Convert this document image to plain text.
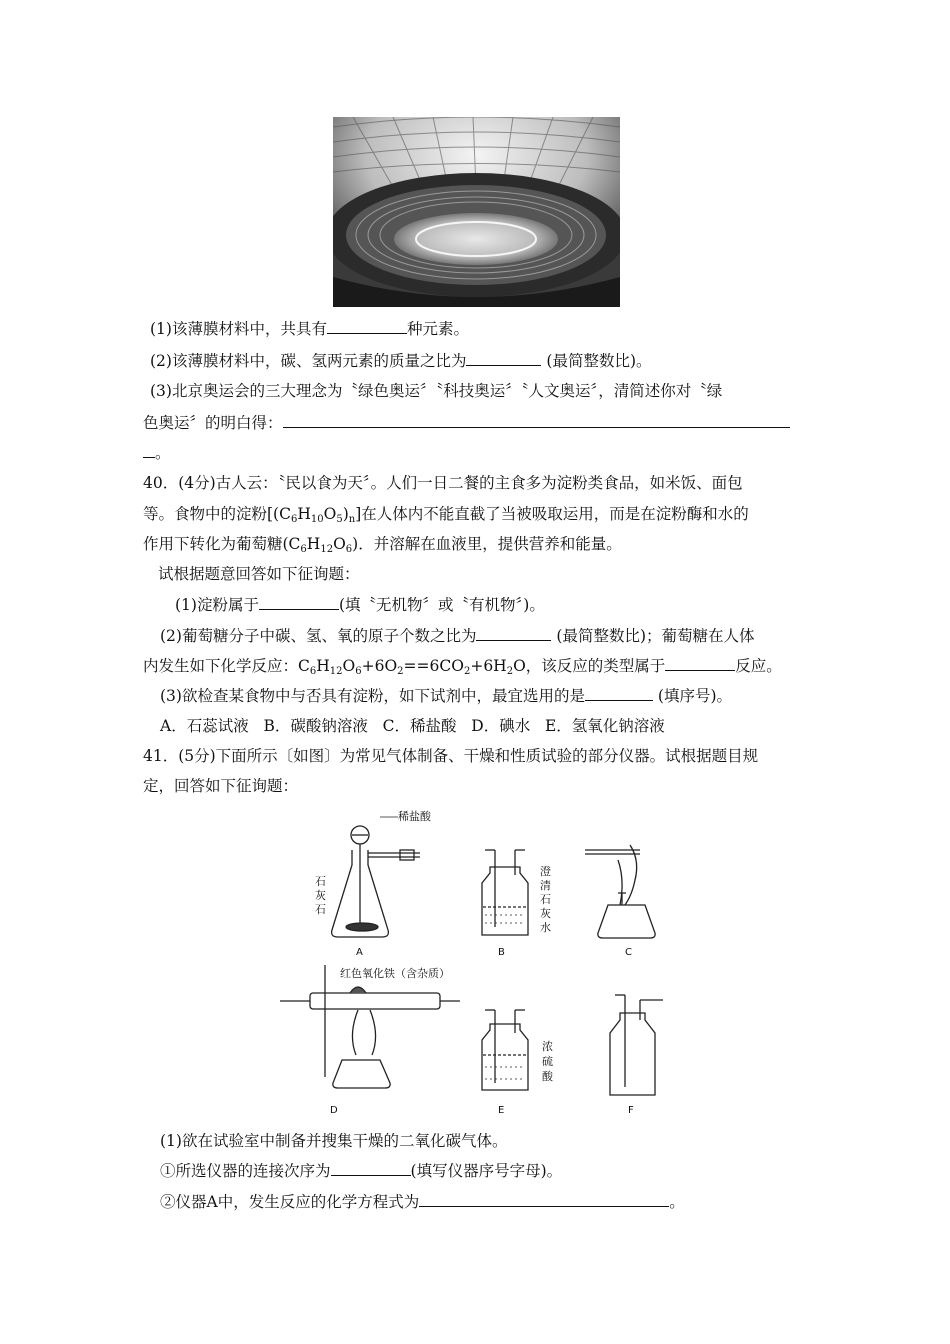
(1)该薄膜材料中，共具有	种元素。
(2)该薄膜材料中，碳、氢两元素的质量之比为	(最简整数比)。
(3)北京奥运会的三大理念为〝绿色奥运〞〝科技奥运〞〝人文奥运〞，清简述你对〝绿
色奥运〞的明白得：
。
40．(4分)古人云：〝民以食为天〞。人们一日二餐的主食多为淀粉类食品，如米饭、面包
等。食物中的淀粉$[(C_6H_{10}O_5)_n]$在人体内不能直截了当被吸取运用，而是在淀粉酶和水的
作用下转化为葡萄糖$(C_6H_{12}O_6)$．并溶解在血液里，提供营养和能量。
试根据题意回答如下征询题：
(1)淀粉属于	(填〝无机物〞或〝有机物〞)。
(2)葡萄糖分子中碳、氢、氧的原子个数之比为	(最简整数比)；葡萄糖在人体
内发生如下化学反应：$C_6H_{12}O_6+6O_2==6CO_2+6H_2O$，该反应的类型属于	反应。
(3)欲检查某食物中与否具有淀粉，如下试剂中，最宜选用的是	(填序号)。
A．石蕊试液   B．碳酸钠溶液   C．稀盐酸   D．碘水   E．氢氧化钠溶液
41．(5分)下面所示〔如图〕为常见气体制备、干燥和性质试验的部分仪器。试根据题目规
定，回答如下征询题：
稀盐酸
石
灰
石
A
澄
清
石
灰
水
B	C
红色氧化铁（含杂质）
D
浓
硫
酸
E	F
(1)欲在试验室中制备并搜集干燥的二氧化碳气体。
①所选仪器的连接次序为	(填写仪器序号字母)。
②仪器A中，发生反应的化学方程式为	。
